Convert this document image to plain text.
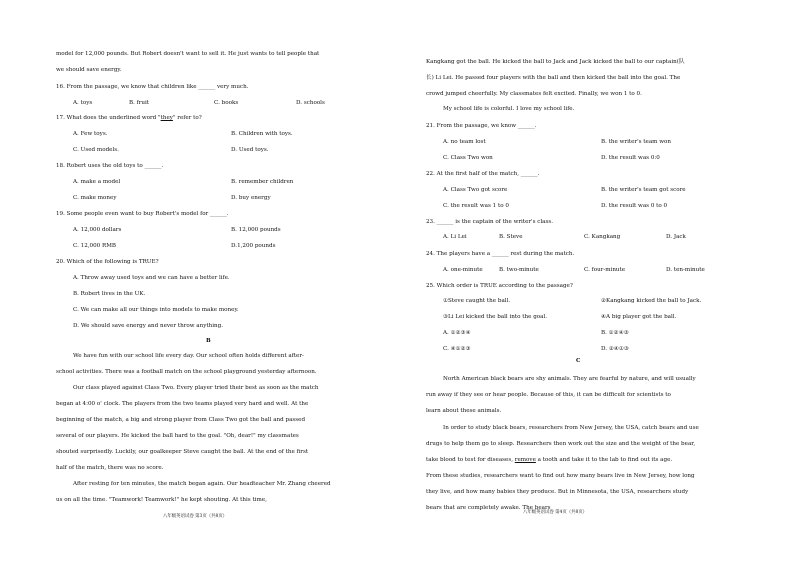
model for 12,000 pounds. But Robert doesn't want to sell it. He just wants to tell people that
we should save energy.
16. From the passage, we know that children like ______ very much.
A. toys	B. fruit	C. books	D. schools
17. What does the underlined word "they" refer to?
A. Few toys.	B. Children with toys.
C. Used models.	D. Used toys.
18. Robert uses the old toys to ______.
A. make a model	B. remember children
C. make money	D. buy energy
19. Some people even want to buy Robert's model for ______.
A. 12,000 dollars	B. 12,000 pounds
C. 12,000 RMB	D.1,200 pounds
20. Which of the following is TRUE?
A. Throw away used toys and we can have a better life.
B. Robert lives in the UK.
C. We can make all our things into models to make money.
D. We should save energy and never throw anything.
B
We have fun with our school life every day. Our school often holds different after-
school activities. There was a football match on the school playground yesterday afternoon.
Our class played against Class Two. Every player tried their best as soon as the match
began at 4:00 o' clock. The players from the two teams played very hard and well. At the
beginning of the match, a big and strong player from Class Two got the ball and passed
several of our players. He kicked the ball hard to the goal. "Oh, dear!" my classmates
shouted surprisedly. Luckily, our goalkeeper Steve caught the ball. At the end of the first
half of the match, there was no score.
After resting for ten minutes, the match began again. Our headteacher Mr. Zhang cheered
us on all the time. "Teamwork! Teamwork!" he kept shouting. At this time,
八年级英语试卷 第3页（共8页）
Kangkang got the ball. He kicked the ball to Jack and Jack kicked the ball to our captain(队
长) Li Lei. He passed four players with the ball and then kicked the ball into the goal. The
crowd jumped cheerfully. My classmates felt excited. Finally, we won 1 to 0.
My school life is colorful. I love my school life.
21. From the passage, we know ______.
A. no team lost	B. the writer's team won
C. Class Two won	D. the result was 0:0
22. At the first half of the match, ______.
A. Class Two got score	B. the writer's team got score
C. the result was 1 to 0	D. the result was 0 to 0
23. ______ is the captain of the writer's class.
A. Li Lei	B. Steve	C. Kangkang	D. Jack
24. The players have a ______ rest during the match.
A. one-minute	B. two-minute	C. four-minute	D. ten-minute
25. Which order is TRUE according to the passage?
①Steve caught the ball.	②Kangkang kicked the ball to Jack.
③Li Lei kicked the ball into the goal.	④A big player got the ball.
A. ①②③④	B. ①②④③
C. ④①②③	D. ②④①③
C
North American black bears are shy animals. They are fearful by nature, and will usually
run away if they see or hear people. Because of this, it can be difficult for scientists to
learn about these animals.
In order to study black bears, researchers from New Jersey, the USA, catch bears and use
drugs to help them go to sleep. Researchers then work out the size and the weight of the bear,
take blood to test for diseases, remove a tooth and take it to the lab to find out its age.
From these studies, researchers want to find out how many bears live in New Jersey, how long
they live, and how many babies they produce. But in Minnesota, the USA, researchers study
bears that are completely awake. The bears
八年级英语试卷 第4页（共8页）
